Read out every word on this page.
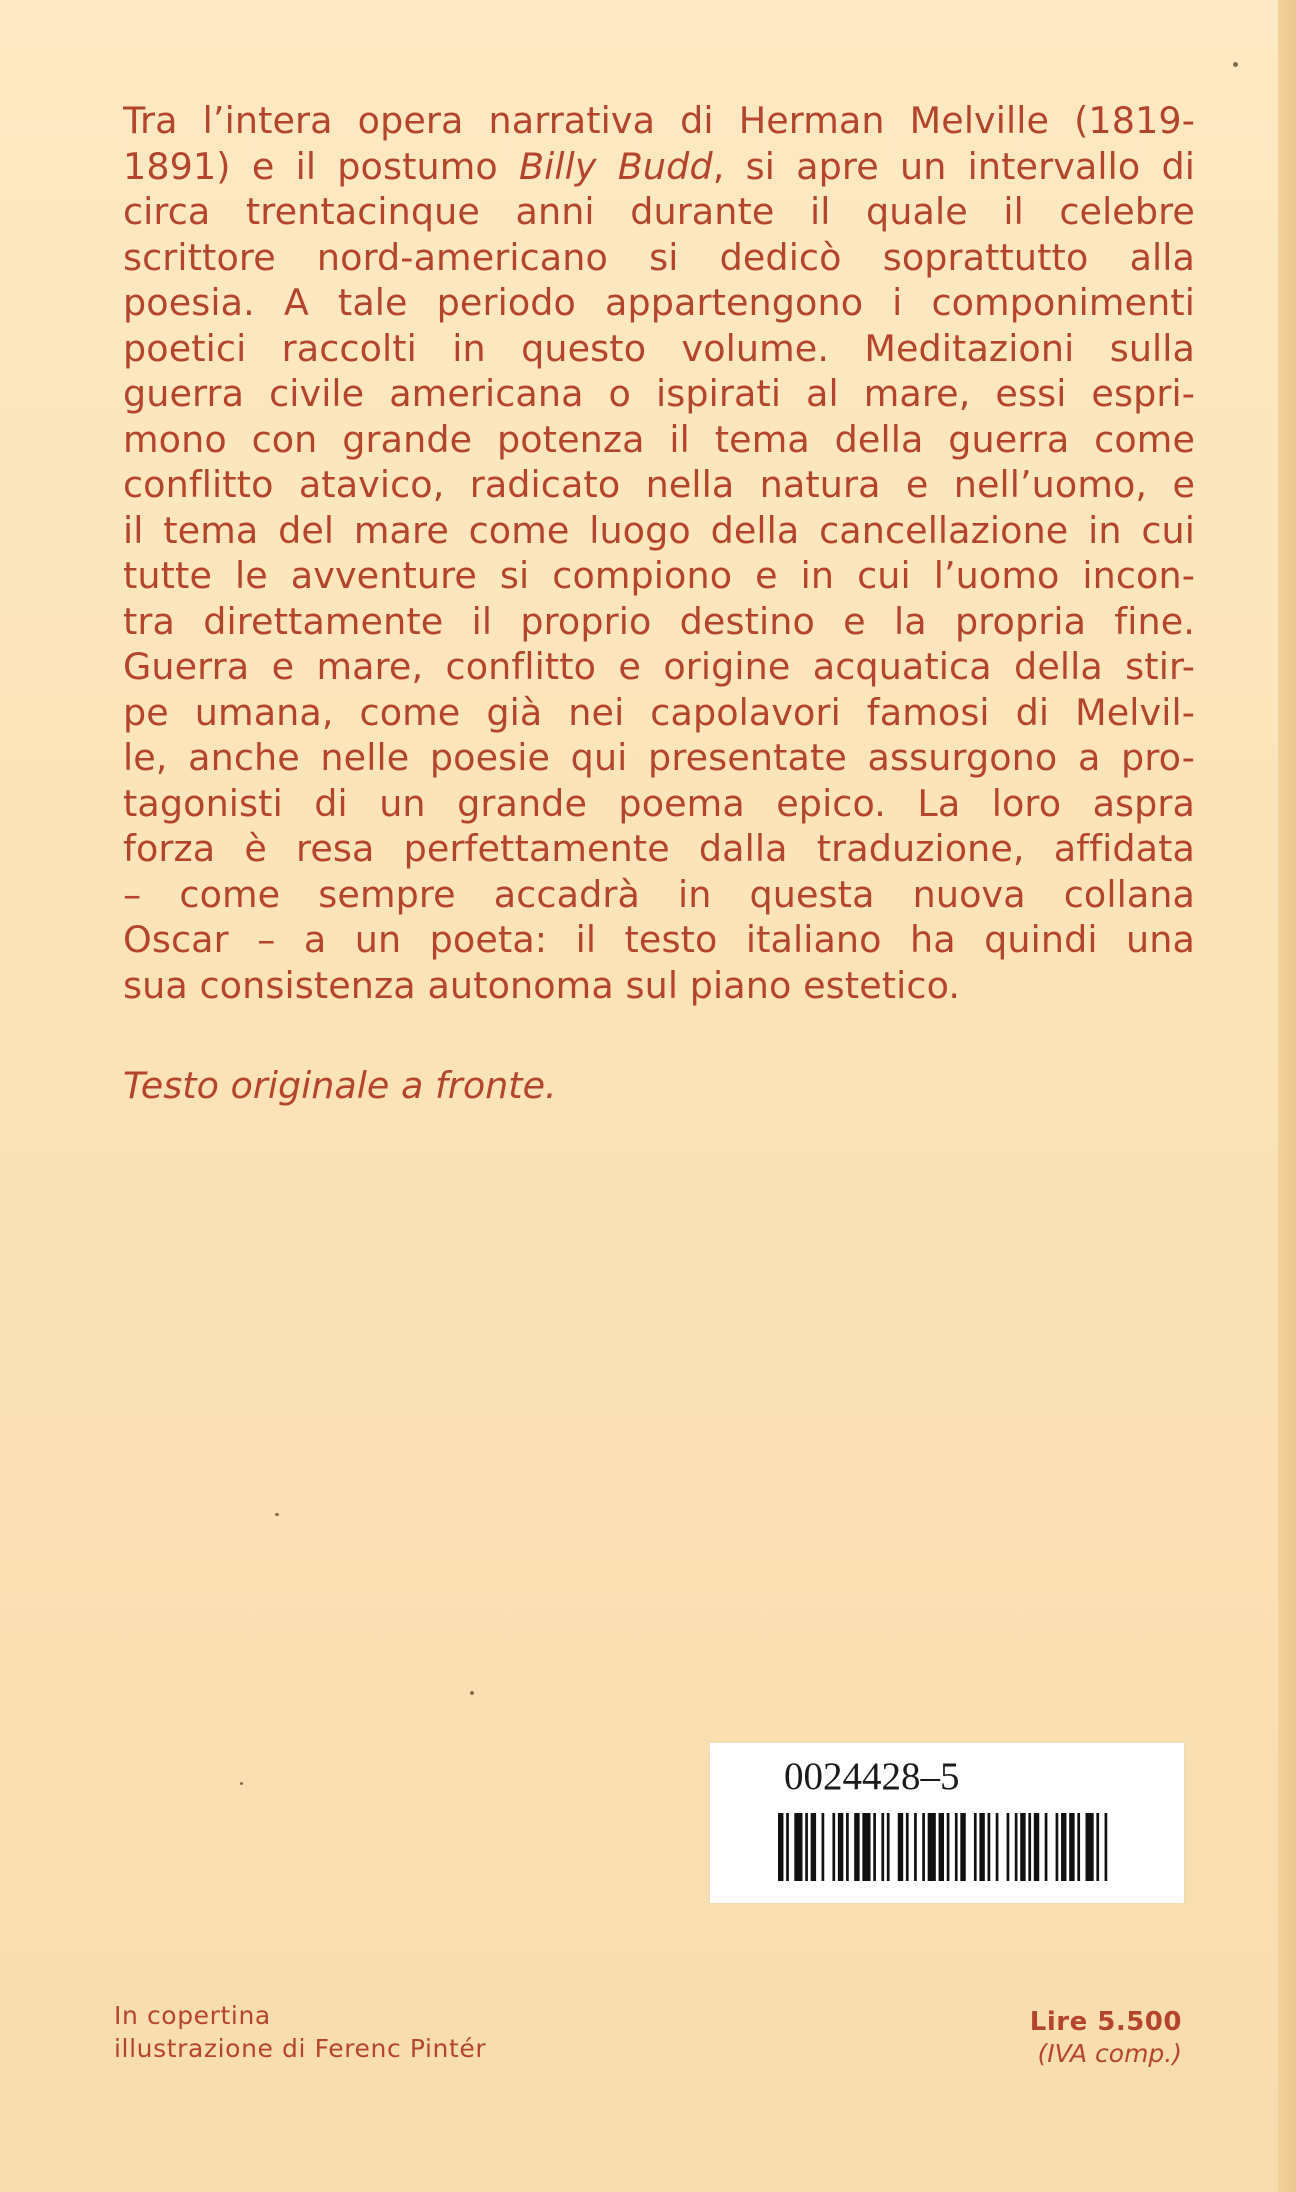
Tra l’intera opera narrativa di Herman Melville (1819-
1891) e il postumo Billy Budd, si apre un intervallo di
circa trentacinque anni durante il quale il celebre
scrittore nord-americano si dedicò soprattutto alla
poesia. A tale periodo appartengono i componimenti
poetici raccolti in questo volume. Meditazioni sulla
guerra civile americana o ispirati al mare, essi espri-
mono con grande potenza il tema della guerra come
conflitto atavico, radicato nella natura e nell’uomo, e
il tema del mare come luogo della cancellazione in cui
tutte le avventure si compiono e in cui l’uomo incon-
tra direttamente il proprio destino e la propria fine.
Guerra e mare, conflitto e origine acquatica della stir-
pe umana, come già nei capolavori famosi di Melvil-
le, anche nelle poesie qui presentate assurgono a pro-
tagonisti di un grande poema epico. La loro aspra
forza è resa perfettamente dalla traduzione, affidata
– come sempre accadrà in questa nuova collana
Oscar – a un poeta: il testo italiano ha quindi una
sua consistenza autonoma sul piano estetico.

Testo originale a fronte.

0024428–5
In copertina
illustrazione di Ferenc Pintér
Lire 5.500
(IVA comp.)
